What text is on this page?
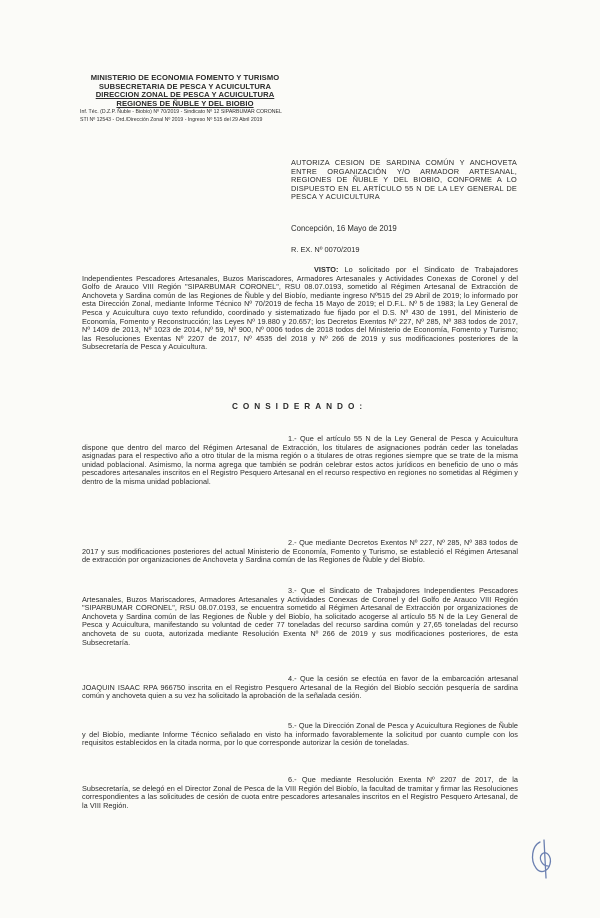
MINISTERIO DE ECONOMIA FOMENTO Y TURISMO
SUBSECRETARIA DE PESCA Y ACUICULTURA
DIRECCION ZONAL DE PESCA Y ACUICULTURA
REGIONES DE ÑUBLE Y DEL BIOBIO
Inf. Téc. (D.Z.P. Ñuble - Biobío) Nº 70/2019 - Sindicato Nº 12 SIPARBUMAR CORONEL
STI Nº 12543 - Ord./Dirección Zonal Nº 2019 - Ingreso Nº 515 del 29 Abril 2019
AUTORIZA CESION DE SARDINA COMÚN Y ANCHOVETA ENTRE ORGANIZACIÓN Y/O ARMADOR ARTESANAL, REGIONES DE ÑUBLE Y DEL BIOBIO, CONFORME A LO DISPUESTO EN EL ARTÍCULO 55 N DE LA LEY GENERAL DE PESCA Y ACUICULTURA
Concepción, 16 Mayo de 2019
R. EX. Nº 0070/2019
VISTO: Lo solicitado por el Sindicato de Trabajadores Independientes Pescadores Artesanales, Buzos Mariscadores, Armadores Artesanales y Actividades Conexas de Coronel y del Golfo de Arauco VIII Región "SIPARBUMAR CORONEL", RSU 08.07.0193, sometido al Régimen Artesanal de Extracción de Anchoveta y Sardina común de las Regiones de Ñuble y del Biobío, mediante ingreso Nº515 del 29 Abril de 2019; lo informado por esta Dirección Zonal, mediante Informe Técnico Nº 70/2019 de fecha 15 Mayo de 2019; el D.F.L. Nº 5 de 1983; la Ley General de Pesca y Acuicultura cuyo texto refundido, coordinado y sistematizado fue fijado por el D.S. Nº 430 de 1991, del Ministerio de Economía, Fomento y Reconstrucción; las Leyes Nº 19.880 y 20.657; los Decretos Exentos Nº 227, Nº 285, Nº 383 todos de 2017, Nº 1409 de 2013, Nº 1023 de 2014, Nº 59, Nº 900, Nº 0006 todos de 2018 todos del Ministerio de Economía, Fomento y Turismo; las Resoluciones Exentas Nº 2207 de 2017, Nº 4535 del 2018 y Nº 266 de 2019 y sus modificaciones posteriores de la Subsecretaría de Pesca y Acuicultura.
CONSIDERANDO:
1.- Que el artículo 55 N de la Ley General de Pesca y Acuicultura dispone que dentro del marco del Régimen Artesanal de Extracción, los titulares de asignaciones podrán ceder las toneladas asignadas para el respectivo año a otro titular de la misma región o a titulares de otras regiones siempre que se trate de la misma unidad poblacional. Asimismo, la norma agrega que también se podrán celebrar estos actos jurídicos en beneficio de uno o más pescadores artesanales inscritos en el Registro Pesquero Artesanal en el recurso respectivo en regiones no sometidas al Régimen y dentro de la misma unidad poblacional.
2.- Que mediante Decretos Exentos Nº 227, Nº 285, Nº 383 todos de 2017 y sus modificaciones posteriores del actual Ministerio de Economía, Fomento y Turismo, se estableció el Régimen Artesanal de extracción por organizaciones de Anchoveta y Sardina común de las Regiones de Ñuble y del Biobío.
3.- Que el Sindicato de Trabajadores Independientes Pescadores Artesanales, Buzos Mariscadores, Armadores Artesanales y Actividades Conexas de Coronel y del Golfo de Arauco VIII Región "SIPARBUMAR CORONEL", RSU 08.07.0193, se encuentra sometido al Régimen Artesanal de Extracción por organizaciones de Anchoveta y Sardina común de las Regiones de Ñuble y del Biobío, ha solicitado acogerse al artículo 55 N de la Ley General de Pesca y Acuicultura, manifestando su voluntad de ceder 77 toneladas del recurso sardina común y 27,65 toneladas del recurso anchoveta de su cuota, autorizada mediante Resolución Exenta Nº 266 de 2019 y sus modificaciones posteriores, de esta Subsecretaría.
4.- Que la cesión se efectúa en favor de la embarcación artesanal JOAQUIN ISAAC RPA 966750 inscrita en el Registro Pesquero Artesanal de la Región del Biobío sección pesquería de sardina común y anchoveta quien a su vez ha solicitado la aprobación de la señalada cesión.
5.- Que la Dirección Zonal de Pesca y Acuicultura Regiones de Ñuble y del Biobío, mediante Informe Técnico señalado en visto ha informado favorablemente la solicitud por cuanto cumple con los requisitos establecidos en la citada norma, por lo que corresponde autorizar la cesión de toneladas.
6.- Que mediante Resolución Exenta Nº 2207 de 2017, de la Subsecretaría, se delegó en el Director Zonal de Pesca de la VIII Región del Biobío, la facultad de tramitar y firmar las Resoluciones correspondientes a las solicitudes de cesión de cuota entre pescadores artesanales inscritos en el Registro Pesquero Artesanal, de la VIII Región.
